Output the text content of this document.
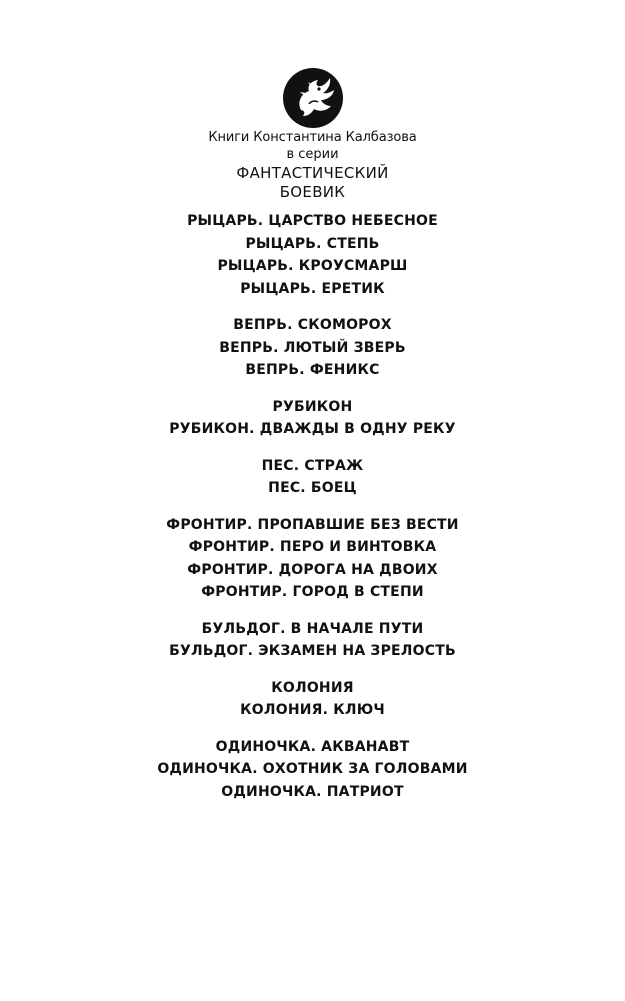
Книги Константина Калбазова
в серии
ФАНТАСТИЧЕСКИЙ
БОЕВИК
РЫЦАРЬ. ЦАРСТВО НЕБЕСНОЕ
РЫЦАРЬ. СТЕПЬ
РЫЦАРЬ. КРОУСМАРШ
РЫЦАРЬ. ЕРЕТИК
ВЕПРЬ. СКОМОРОХ
ВЕПРЬ. ЛЮТЫЙ ЗВЕРЬ
ВЕПРЬ. ФЕНИКС
РУБИКОН
РУБИКОН. ДВАЖДЫ В ОДНУ РЕКУ
ПЕС. СТРАЖ
ПЕС. БОЕЦ
ФРОНТИР. ПРОПАВШИЕ БЕЗ ВЕСТИ
ФРОНТИР. ПЕРО И ВИНТОВКА
ФРОНТИР. ДОРОГА НА ДВОИХ
ФРОНТИР. ГОРОД В СТЕПИ
БУЛЬДОГ. В НАЧАЛЕ ПУТИ
БУЛЬДОГ. ЭКЗАМЕН НА ЗРЕЛОСТЬ
КОЛОНИЯ
КОЛОНИЯ. КЛЮЧ
ОДИНОЧКА. АКВАНАВТ
ОДИНОЧКА. ОХОТНИК ЗА ГОЛОВАМИ
ОДИНОЧКА. ПАТРИОТ
